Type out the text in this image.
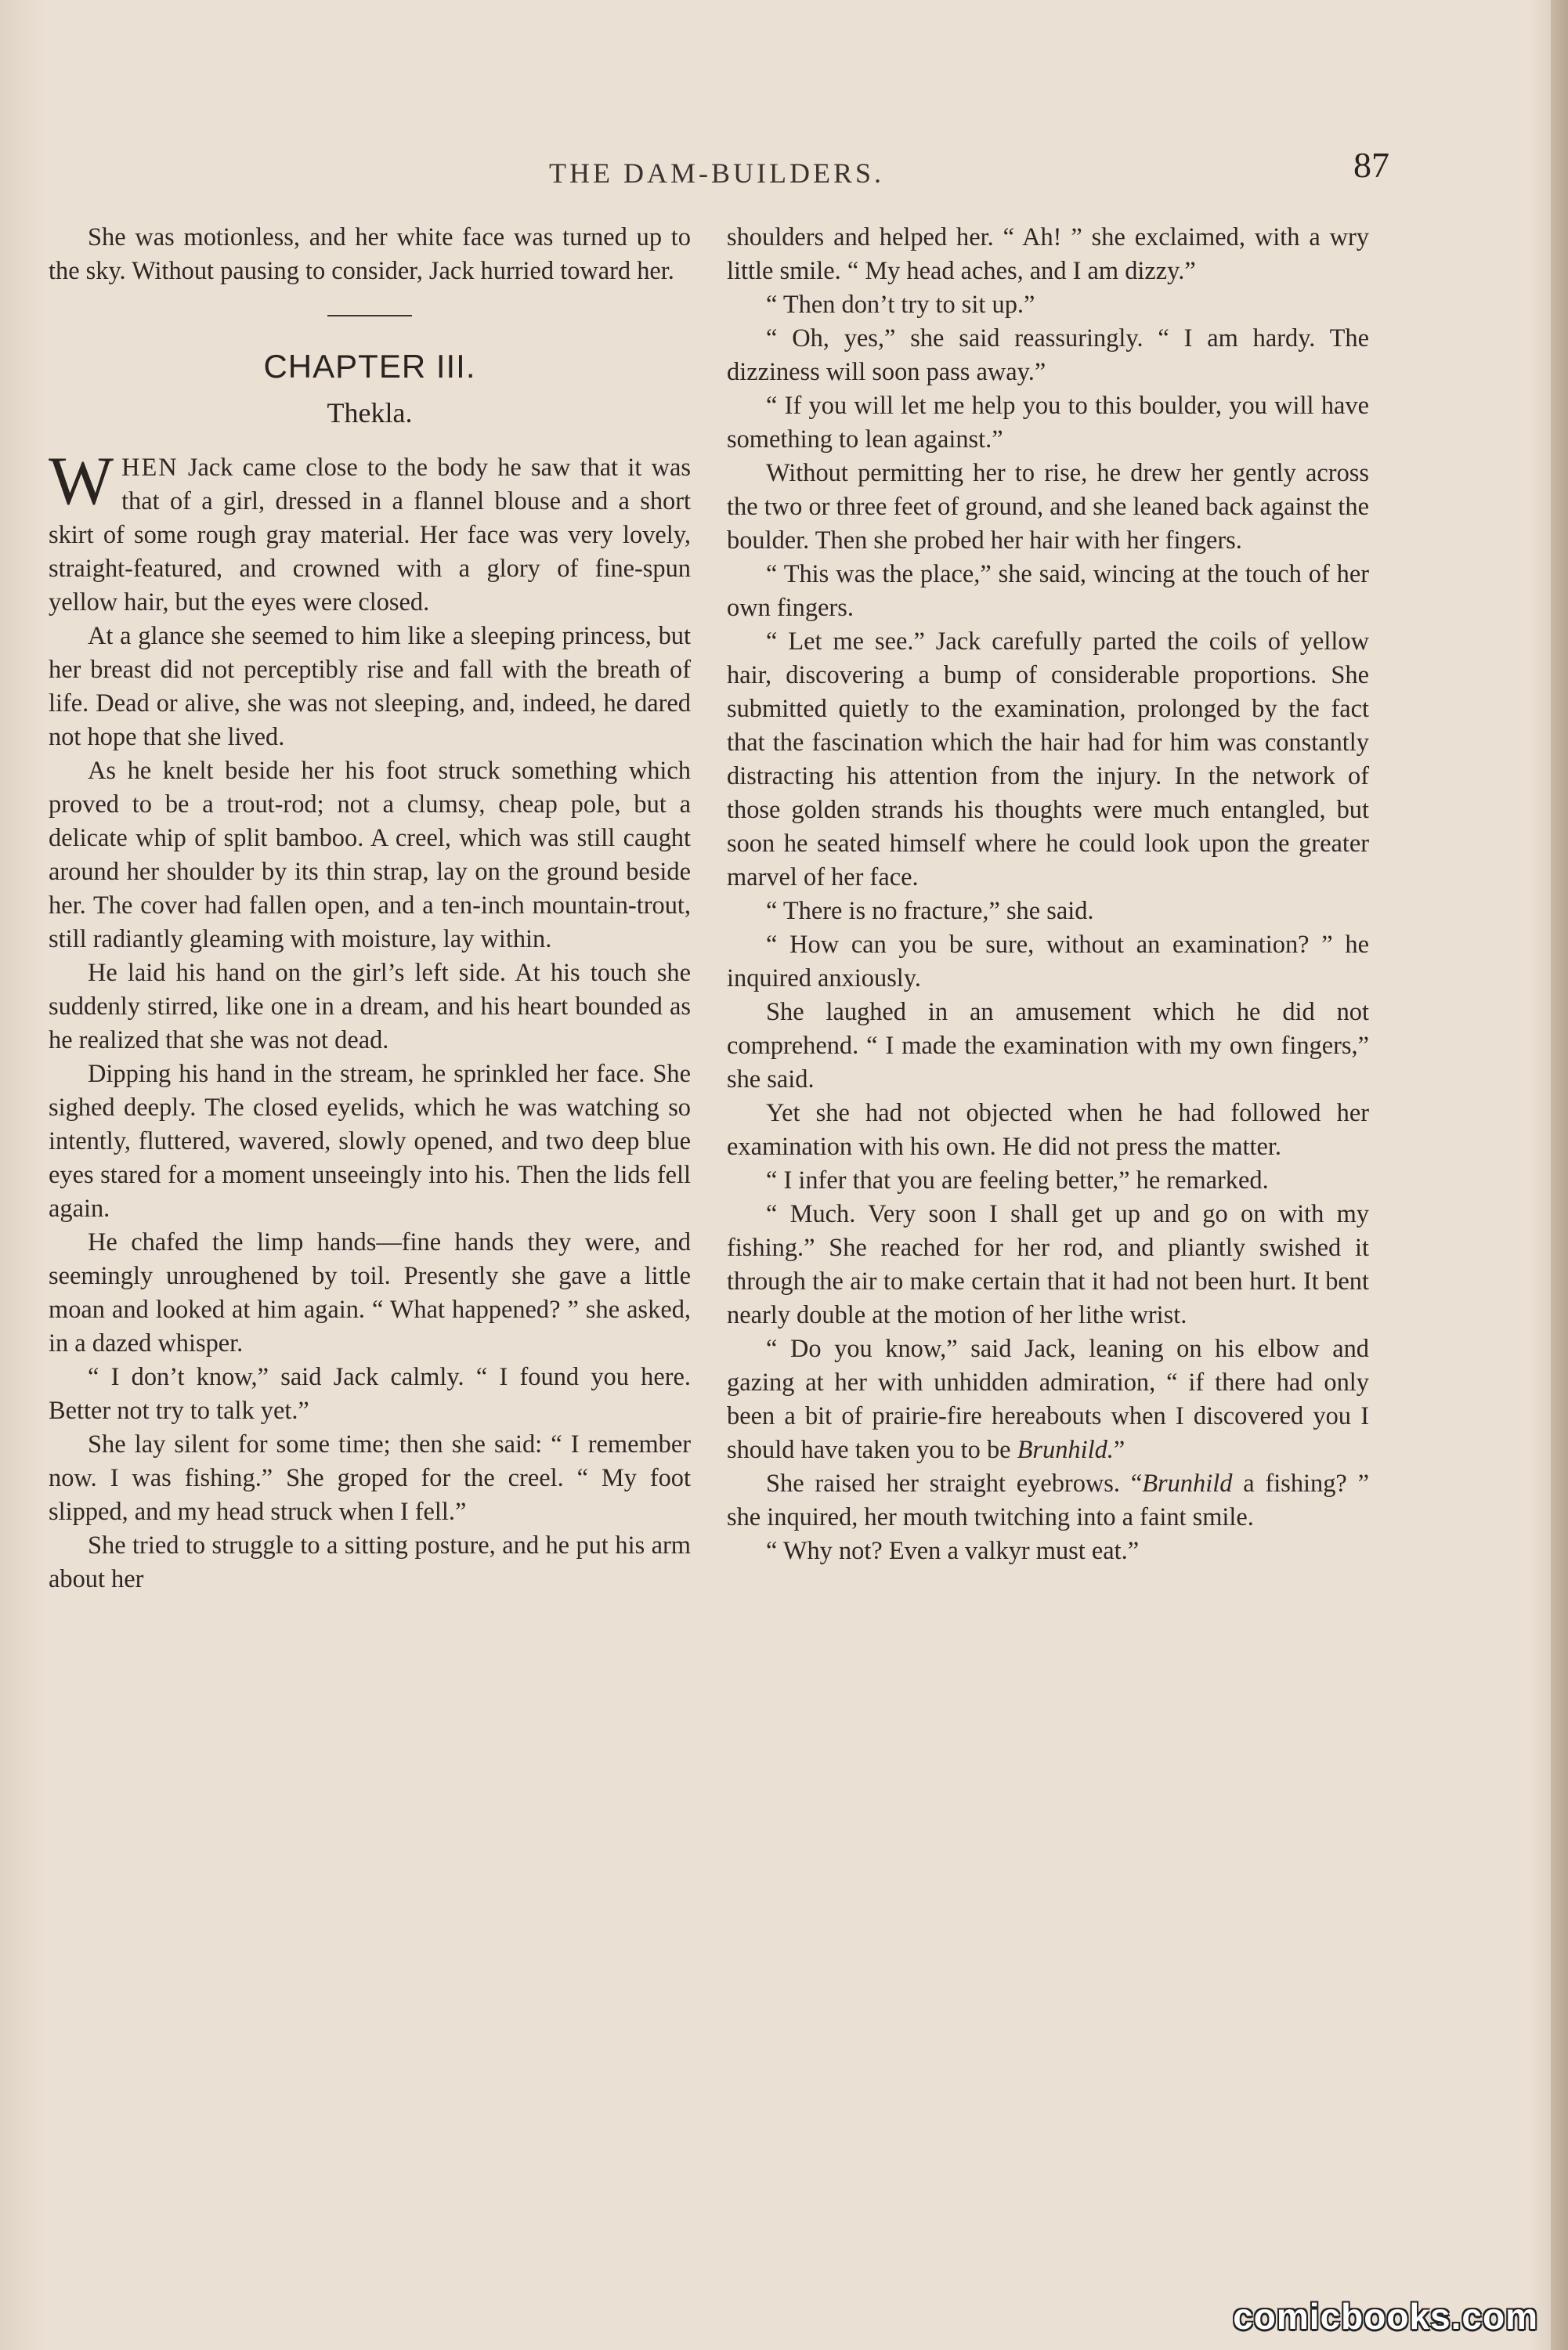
THE DAM-BUILDERS.	87

She was motionless, and her white face was turned up to the sky. Without pausing to consider, Jack hurried toward her.

CHAPTER III.
Thekla.

WHEN Jack came close to the body he saw that it was that of a girl, dressed in a flannel blouse and a short skirt of some rough gray material. Her face was very lovely, straight-featured, and crowned with a glory of fine-spun yellow hair, but the eyes were closed.

At a glance she seemed to him like a sleeping princess, but her breast did not perceptibly rise and fall with the breath of life. Dead or alive, she was not sleeping, and, indeed, he dared not hope that she lived.

As he knelt beside her his foot struck something which proved to be a trout-rod; not a clumsy, cheap pole, but a delicate whip of split bamboo. A creel, which was still caught around her shoulder by its thin strap, lay on the ground beside her. The cover had fallen open, and a ten-inch mountain-trout, still radiantly gleaming with moisture, lay within.

He laid his hand on the girl’s left side. At his touch she suddenly stirred, like one in a dream, and his heart bounded as he realized that she was not dead.

Dipping his hand in the stream, he sprinkled her face. She sighed deeply. The closed eyelids, which he was watching so intently, fluttered, wavered, slowly opened, and two deep blue eyes stared for a moment unseeingly into his. Then the lids fell again.

He chafed the limp hands—fine hands they were, and seemingly unroughened by toil. Presently she gave a little moan and looked at him again. “ What happened? ” she asked, in a dazed whisper.

“ I don’t know,” said Jack calmly. “ I found you here. Better not try to talk yet.”

She lay silent for some time; then she said: “ I remember now. I was fishing.” She groped for the creel. “ My foot slipped, and my head struck when I fell.”

She tried to struggle to a sitting posture, and he put his arm about her

shoulders and helped her. “ Ah! ” she exclaimed, with a wry little smile. “ My head aches, and I am dizzy.”

“ Then don’t try to sit up.”

“ Oh, yes,” she said reassuringly. “ I am hardy. The dizziness will soon pass away.”

“ If you will let me help you to this boulder, you will have something to lean against.”

Without permitting her to rise, he drew her gently across the two or three feet of ground, and she leaned back against the boulder. Then she probed her hair with her fingers.

“ This was the place,” she said, wincing at the touch of her own fingers.

“ Let me see.” Jack carefully parted the coils of yellow hair, discovering a bump of considerable proportions. She submitted quietly to the examination, prolonged by the fact that the fascination which the hair had for him was constantly distracting his attention from the injury. In the network of those golden strands his thoughts were much entangled, but soon he seated himself where he could look upon the greater marvel of her face.

“ There is no fracture,” she said.

“ How can you be sure, without an examination? ” he inquired anxiously.

She laughed in an amusement which he did not comprehend. “ I made the examination with my own fingers,” she said.

Yet she had not objected when he had followed her examination with his own. He did not press the matter.

“ I infer that you are feeling better,” he remarked.

“ Much. Very soon I shall get up and go on with my fishing.” She reached for her rod, and pliantly swished it through the air to make certain that it had not been hurt. It bent nearly double at the motion of her lithe wrist.

“ Do you know,” said Jack, leaning on his elbow and gazing at her with unhidden admiration, “ if there had only been a bit of prairie-fire hereabouts when I discovered you I should have taken you to be Brunhild.”

She raised her straight eyebrows. “Brunhild a fishing? ” she inquired, her mouth twitching into a faint smile.

“ Why not? Even a valkyr must eat.”

comicbooks.com
